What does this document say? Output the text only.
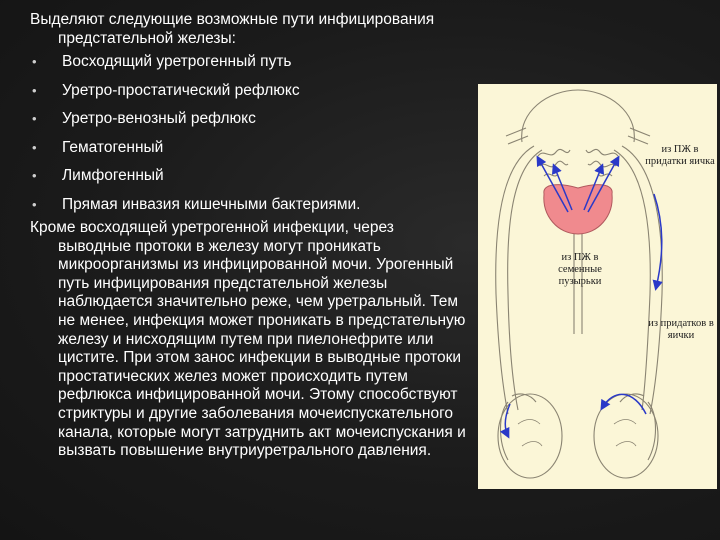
Выделяют следующие возможные пути инфицирования предстательной железы:

• Восходящий уретрогенный путь
• Уретро-простатический рефлюкс
• Уретро-венозный рефлюкс
• Гематогенный
• Лимфогенный
• Прямая инвазия кишечными бактериями.

Кроме восходящей уретрогенной инфекции, через выводные протоки в железу могут проникать микроорганизмы из инфицированной мочи. Урогенный путь инфицирования предстательной железы наблюдается значительно реже, чем уретральный. Тем не менее, инфекция может проникать в предстательную железу и нисходящим путем при пиелонефрите или цистите. При этом занос инфекции в выводные протоки простатических желез может происходить путем рефлюкса инфицированной мочи. Этому способствуют стриктуры и другие заболевания мочеиспускательного канала, которые могут затруднить акт мочеиспускания и вызвать повышение внутриуретрального давления.

из ПЖ в придатки яичка
из ПЖ в семенные пузырьки
из придатков в яички
